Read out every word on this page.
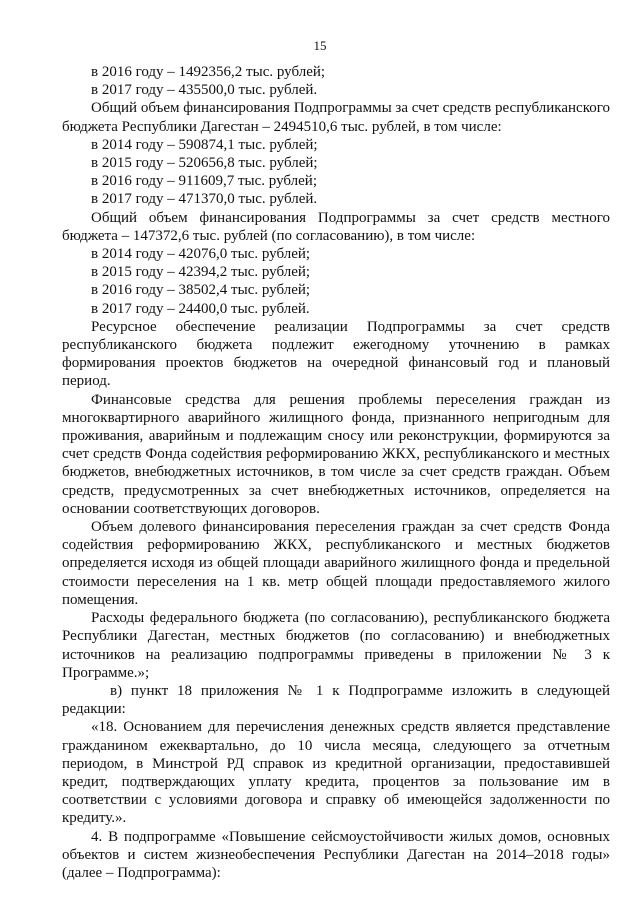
15

в 2016 году – 1492356,2 тыс. рублей;

в 2017 году – 435500,0 тыс. рублей.

Общий объем финансирования Подпрограммы за счет средств республиканского бюджета Республики Дагестан – 2494510,6 тыс. рублей, в том числе:

в 2014 году – 590874,1 тыс. рублей;

в 2015 году – 520656,8 тыс. рублей;

в 2016 году – 911609,7 тыс. рублей;

в 2017 году – 471370,0 тыс. рублей.

Общий объем финансирования Подпрограммы за счет средств местного бюджета – 147372,6 тыс. рублей (по согласованию), в том числе:

в 2014 году – 42076,0 тыс. рублей;

в 2015 году – 42394,2 тыс. рублей;

в 2016 году – 38502,4 тыс. рублей;

в 2017 году – 24400,0 тыс. рублей.

Ресурсное обеспечение реализации Подпрограммы за счет средств республиканского бюджета подлежит ежегодному уточнению в рамках формирования проектов бюджетов на очередной финансовый год и плановый период.

Финансовые средства для решения проблемы переселения граждан из многоквартирного аварийного жилищного фонда, признанного непригодным для проживания, аварийным и подлежащим сносу или реконструкции, формируются за счет средств Фонда содействия реформированию ЖКХ, республиканского и местных бюджетов, внебюджетных источников, в том числе за счет средств граждан. Объем средств, предусмотренных за счет внебюджетных источников, определяется на основании соответствующих договоров.

Объем долевого финансирования переселения граждан за счет средств Фонда содействия реформированию ЖКХ, республиканского и местных бюджетов определяется исходя из общей площади аварийного жилищного фонда и предельной стоимости переселения на 1 кв. метр общей площади предоставляемого жилого помещения.

Расходы федерального бюджета (по согласованию), республиканского бюджета Республики Дагестан, местных бюджетов (по согласованию) и внебюджетных источников на реализацию подпрограммы приведены в приложении № 3 к Программе.»;

в) пункт 18 приложения № 1 к Подпрограмме изложить в следующей редакции:

«18. Основанием для перечисления денежных средств является представление гражданином ежеквартально, до 10 числа месяца, следующего за отчетным периодом, в Минстрой РД справок из кредитной организации, предоставившей кредит, подтверждающих уплату кредита, процентов за пользование им в соответствии с условиями договора и справку об имеющейся задолженности по кредиту.».

4. В подпрограмме «Повышение сейсмоустойчивости жилых домов, основных объектов и систем жизнеобеспечения Республики Дагестан на 2014–2018 годы» (далее – Подпрограмма):
